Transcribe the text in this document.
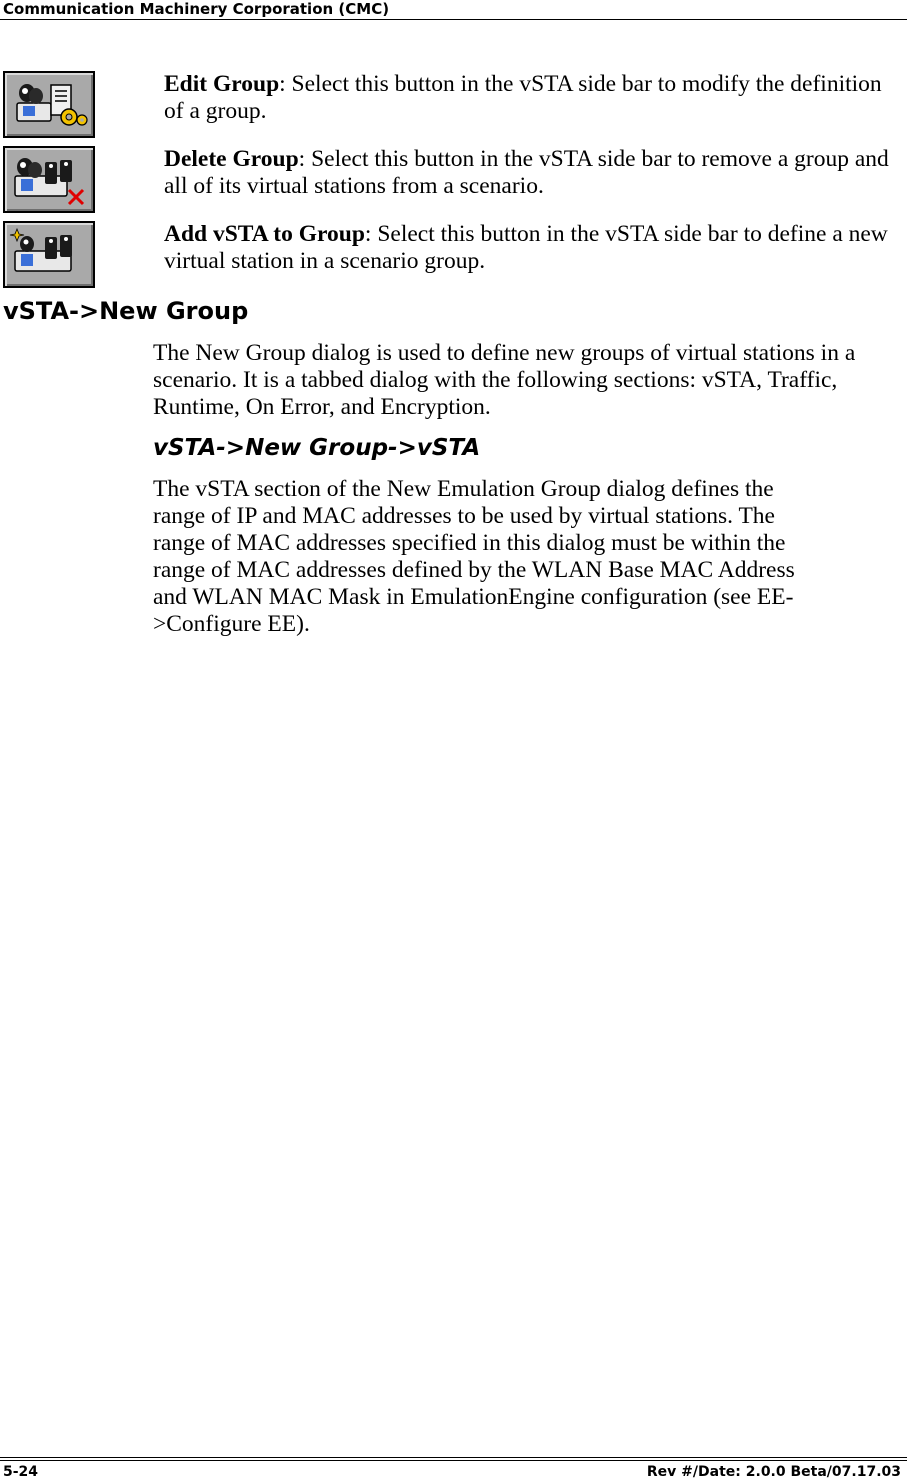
Communication Machinery Corporation (CMC)
Edit Group: Select this button in the vSTA side bar to modify the definition of a group.
Delete Group: Select this button in the vSTA side bar to remove a group and all of its virtual stations from a scenario.
Add vSTA to Group: Select this button in the vSTA side bar to define a new virtual station in a scenario group.
vSTA->New Group
The New Group dialog is used to define new groups of virtual stations in a scenario. It is a tabbed dialog with the following sections: vSTA, Traffic, Runtime, On Error, and Encryption.
vSTA->New Group->vSTA
The vSTA section of the New Emulation Group dialog defines the
range of IP and MAC addresses to be used by virtual stations. The
range of MAC addresses specified in this dialog must be within the
range of MAC addresses defined by the WLAN Base MAC Address
and WLAN MAC Mask in EmulationEngine configuration (see EE-
>Configure EE).
5-24	Rev #/Date: 2.0.0 Beta/07.17.03
